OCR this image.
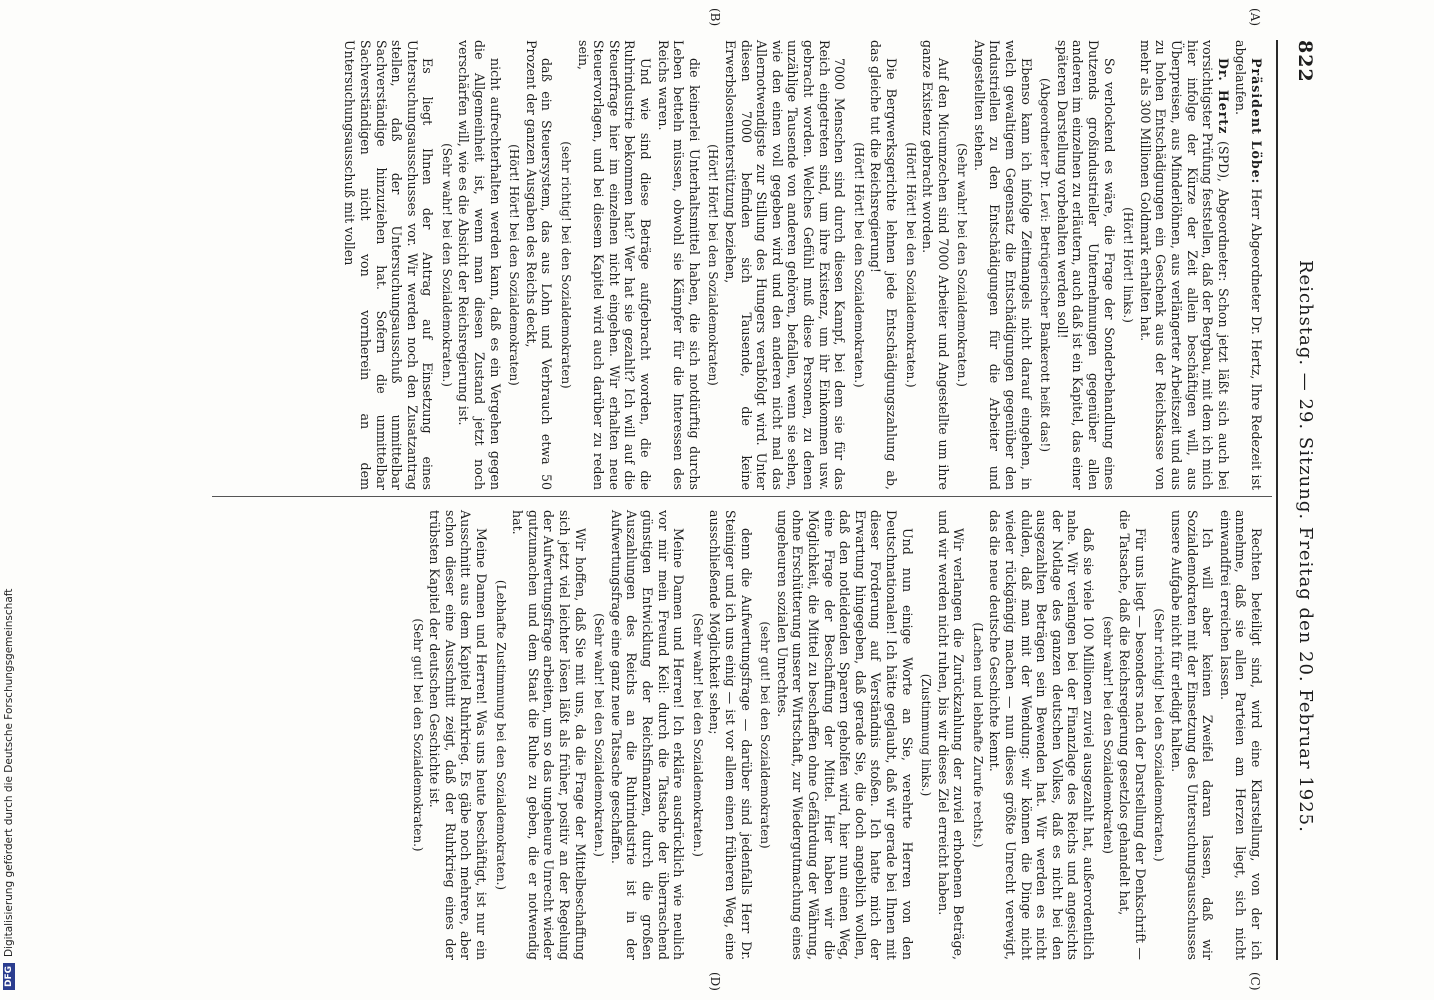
822
Reichstag. — 29. Sitzung. Freitag den 20. Februar 1925.
(A)
(B)
(C)
(D)

Präsident Löbe: Herr Abgeordneter Dr. Hertz, Ihre Redezeit ist abgelaufen.

Dr. Hertz (SPD), Abgeordneter: Schon jetzt läßt sich auch bei vorsichtigster Prüfung feststellen, daß der Bergbau, mit dem ich mich hier infolge der Kürze der Zeit allein beschäftigen will, aus Überpreisen, aus Minderlöhnen, aus verlängerter Arbeitszeit und aus zu hohen Entschädigungen ein Geschenk aus der Reichskasse von mehr als 300 Millionen Goldmark erhalten hat.

(Hört! Hört! links.)

So verlockend es wäre, die Frage der Sonderbehandlung eines Dutzends großindustrieller Unternehmungen gegenüber allen anderen im einzelnen zu erläutern, auch daß ist ein Kapitel, das einer späteren Darstellung vorbehalten werden soll!

(Abgeordneter Dr. Levi: Betrügerischer Bankerott heißt das!)

Ebenso kann ich infolge Zeitmangels nicht darauf eingehen, in welch gewaltigem Gegensatz die Entschädigungen gegenüber den Industriellen zu den Entschädigungen für die Arbeiter und Angestellten stehen.

(Sehr wahr! bei den Sozialdemokraten.)

Auf den Micumzechen sind 7000 Arbeiter und Angestellte um ihre ganze Existenz gebracht worden.

(Hört! Hört! bei den Sozialdemokraten.)

Die Bergwerksgerichte lehnen jede Entschädigungszahlung ab, das gleiche tut die Reichsregierung!

(Hört! Hört! bei den Sozialdemokraten.)

7000 Menschen sind durch diesen Kampf, bei dem sie für das Reich eingetreten sind, um ihre Existenz, um ihr Einkommen usw. gebracht worden. Welches Gefühl muß diese Personen, zu denen unzählige Tausende von anderen gehören, befallen, wenn sie sehen, wie den einen voll gegeben wird und den anderen nicht mal das Allernotwendigste zur Stillung des Hungers verabfolgt wird. Unter diesen 7000 befinden sich Tausende, die keine Erwerbslosenunterstützung beziehen,

(Hört! Hört! bei den Sozialdemokraten)

die keinerlei Unterhaltsmittel haben, die sich notdürftig durchs Leben betteln müssen, obwohl sie Kämpfer für die Interessen des Reichs waren.

Und wie sind diese Beträge aufgebracht worden, die die Ruhrindustrie bekommen hat? Wer hat sie gezahlt? Ich will auf die Steuerfrage hier im einzelnen nicht eingehen. Wir erhalten neue Steuervorlagen, und bei diesem Kapitel wird auch darüber zu reden sein,

(sehr richtig! bei den Sozialdemokraten)

daß ein Steuersystem, das aus Lohn und Verbrauch etwa 50 Prozent der ganzen Ausgaben des Reichs deckt,

(Hört! Hört! bei den Sozialdemokraten)

nicht aufrechterhalten werden kann, daß es ein Vergehen gegen die Allgemeinheit ist, wenn man diesen Zustand jetzt noch verschärfen will, wie es die Absicht der Reichsregierung ist.

(Sehr wahr! bei den Sozialdemokraten.)

Es liegt Ihnen der Antrag auf Einsetzung eines Untersuchungsausschusses vor. Wir werden noch den Zusatzantrag stellen, daß der Untersuchungsausschuß unmittelbar Sachverständige hinzuziehen hat. Sofern die unmittelbar Sachverständigen nicht von vornherein an dem Untersuchungsausschuß mit vollen

Rechten beteiligt sind, wird eine Klarstellung, von der ich annehme, daß sie allen Parteien am Herzen liegt, sich nicht einwandfrei erreichen lassen.

Ich will aber keinen Zweifel daran lassen, daß wir Sozialdemokraten mit der Einsetzung des Untersuchungsausschusses unsere Aufgabe nicht für erledigt halten.

(Sehr richtig! bei den Sozialdemokraten.)

Für uns liegt — besonders nach der Darstellung der Denkschrift — die Tatsache, daß die Reichsregierung gesetzlos gehandelt hat,

(sehr wahr! bei den Sozialdemokraten)

daß sie viele 100 Millionen zuviel ausgezahlt hat, außerordentlich nahe. Wir verlangen bei der Finanzlage des Reichs und angesichts der Notlage des ganzen deutschen Volkes, daß es nicht bei den ausgezahlten Beträgen sein Bewenden hat. Wir werden es nicht dulden, daß man mit der Wendung: wir können die Dinge nicht wieder rückgängig machen — nun dieses größte Unrecht verewigt, das die neue deutsche Geschichte kennt.

(Lachen und lebhafte Zurufe rechts.)

Wir verlangen die Zurückzahlung der zuviel erhobenen Beträge, und wir werden nicht ruhen, bis wir dieses Ziel erreicht haben.

(Zustimmung links.)

Und nun einige Worte an Sie, verehrte Herren von den Deutschnationalen! Ich hätte geglaubt, daß wir gerade bei Ihnen mit dieser Forderung auf Verständnis stoßen. Ich hatte mich der Erwartung hingegeben, daß gerade Sie, die doch angeblich wollen, daß den notleidenden Sparern geholfen wird, hier nun einen Weg, eine Frage der Beschaffung der Mittel. Hier haben wir die Möglichkeit, die Mittel zu beschaffen ohne Gefährdung der Währung, ohne Erschütterung unserer Wirtschaft, zur Wiedergutmachung eines ungeheuren sozialen Unrechtes.

(sehr gut! bei den Sozialdemokraten)

denn die Aufwertungsfrage — darüber sind jedenfalls Herr Dr. Steiniger und ich uns einig — ist vor allem einen früheren Weg, eine ausschließende Möglichkeit sehen;

(Sehr wahr! bei den Sozialdemokraten.)

Meine Damen und Herren! Ich erkläre ausdrücklich wie neulich vor mir mein Freund Keil: durch die Tatsache der überraschend günstigen Entwicklung der Reichsfinanzen, durch die großen Auszahlungen des Reichs an die Ruhrindustrie ist in der Aufwertungsfrage eine ganz neue Tatsache geschaffen.

(Sehr wahr! bei den Sozialdemokraten.)

Wir hoffen, daß Sie mit uns, da die Frage der Mittelbeschaffung sich jetzt viel leichter lösen läßt als früher, positiv an der Regelung der Aufwertungsfrage arbeiten, um so das ungeheure Unrecht wieder gutzumachen und dem Staat die Ruhe zu geben, die er notwendig hat.

(Lebhafte Zustimmung bei den Sozialdemokraten.)

Meine Damen und Herren! Was uns heute beschäftigt, ist nur ein Ausschnitt aus dem Kapitel Ruhrkrieg. Es gäbe noch mehrere, aber schon dieser eine Ausschnitt zeigt, daß der Ruhrkrieg eines der trübsten Kapitel der deutschen Geschichte ist.

(Sehr gut! bei den Sozialdemokraten.)

DFGDigitalisierung gefördert durch die Deutsche Forschungsgemeinschaft
